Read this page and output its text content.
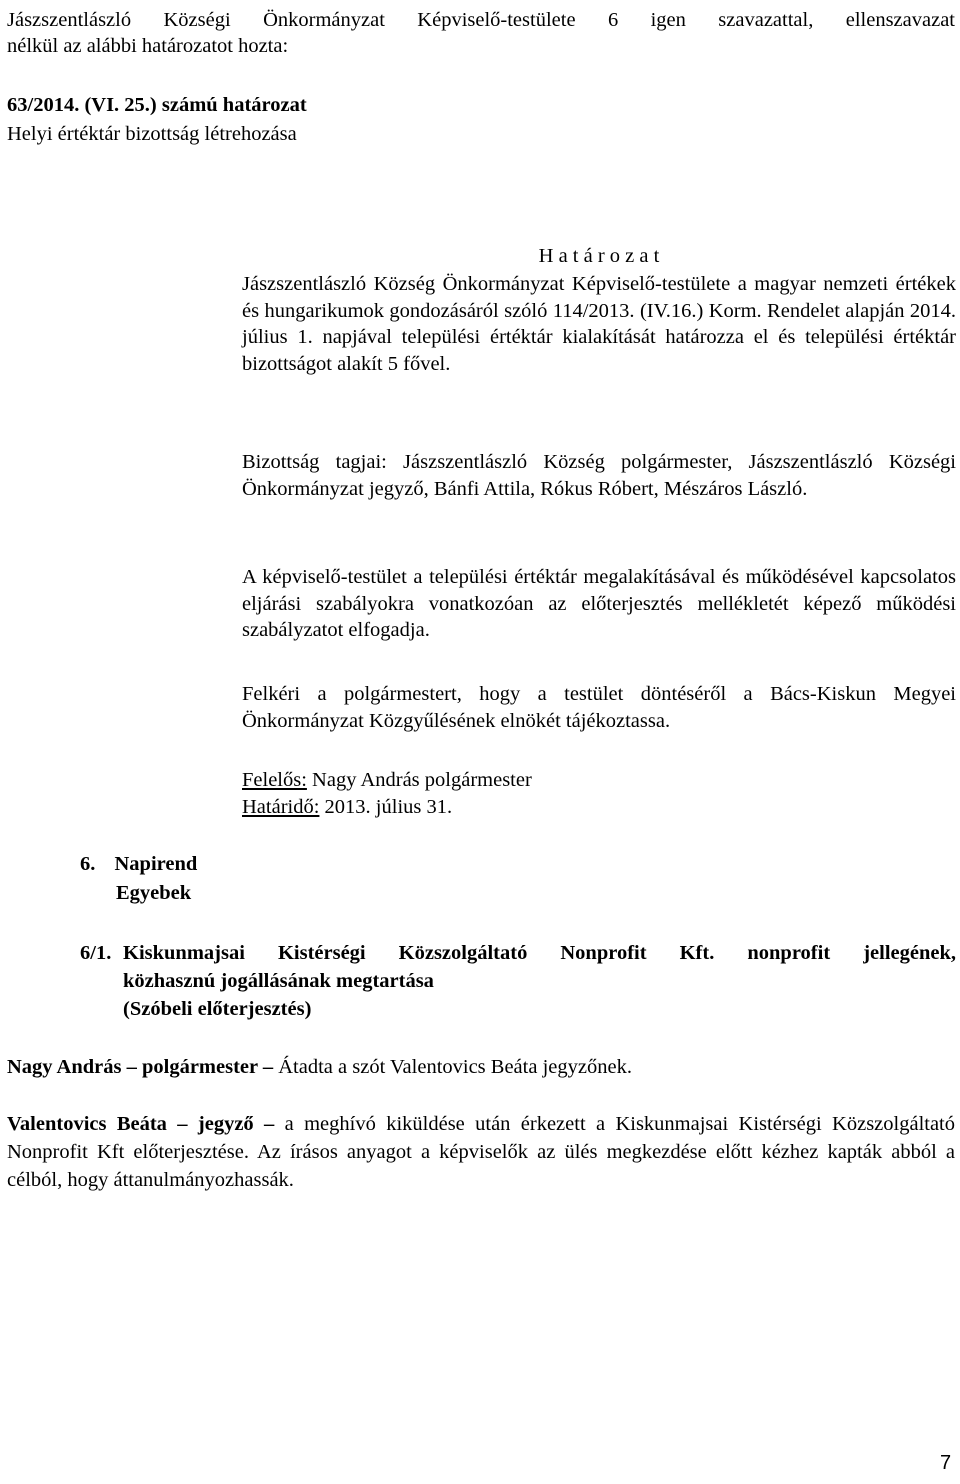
Jászszentlászló Községi Önkormányzat Képviselő-testülete 6 igen szavazattal, ellenszavazat
nélkül az alábbi határozatot hozta:
63/2014. (VI. 25.) számú határozat
Helyi értéktár bizottság létrehozása
H a t á r o z a t
Jászszentlászló Község Önkormányzat Képviselő-testülete a magyar nemzeti értékek és hungarikumok gondozásáról szóló 114/2013. (IV.16.) Korm. Rendelet alapján 2014. július 1. napjával települési értéktár kialakítását határozza el és települési értéktár bizottságot alakít 5 fővel.
Bizottság tagjai: Jászszentlászló Község polgármester, Jászszentlászló Községi Önkormányzat jegyző, Bánfi Attila, Rókus Róbert, Mészáros László.
A képviselő-testület a települési értéktár megalakításával és működésével kapcsolatos eljárási szabályokra vonatkozóan az előterjesztés mellékletét képező működési szabályzatot elfogadja.
Felkéri a polgármestert, hogy a testület döntéséről a Bács-Kiskun Megyei Önkormányzat Közgyűlésének elnökét tájékoztassa.
Felelős: Nagy András polgármester
Határidő: 2013. július 31.
6. Napirend
Egyebek
6/1. Kiskunmajsai Kistérségi Közszolgáltató Nonprofit Kft. nonprofit jellegének,
közhasznú jogállásának megtartása
(Szóbeli előterjesztés)
Nagy András – polgármester – Átadta a szót Valentovics Beáta jegyzőnek.
Valentovics Beáta – jegyző – a meghívó kiküldése után érkezett a Kiskunmajsai Kistérségi Közszolgáltató Nonprofit Kft előterjesztése. Az írásos anyagot a képviselők az ülés megkezdése előtt kézhez kapták abból a célból, hogy áttanulmányozhassák.
7
